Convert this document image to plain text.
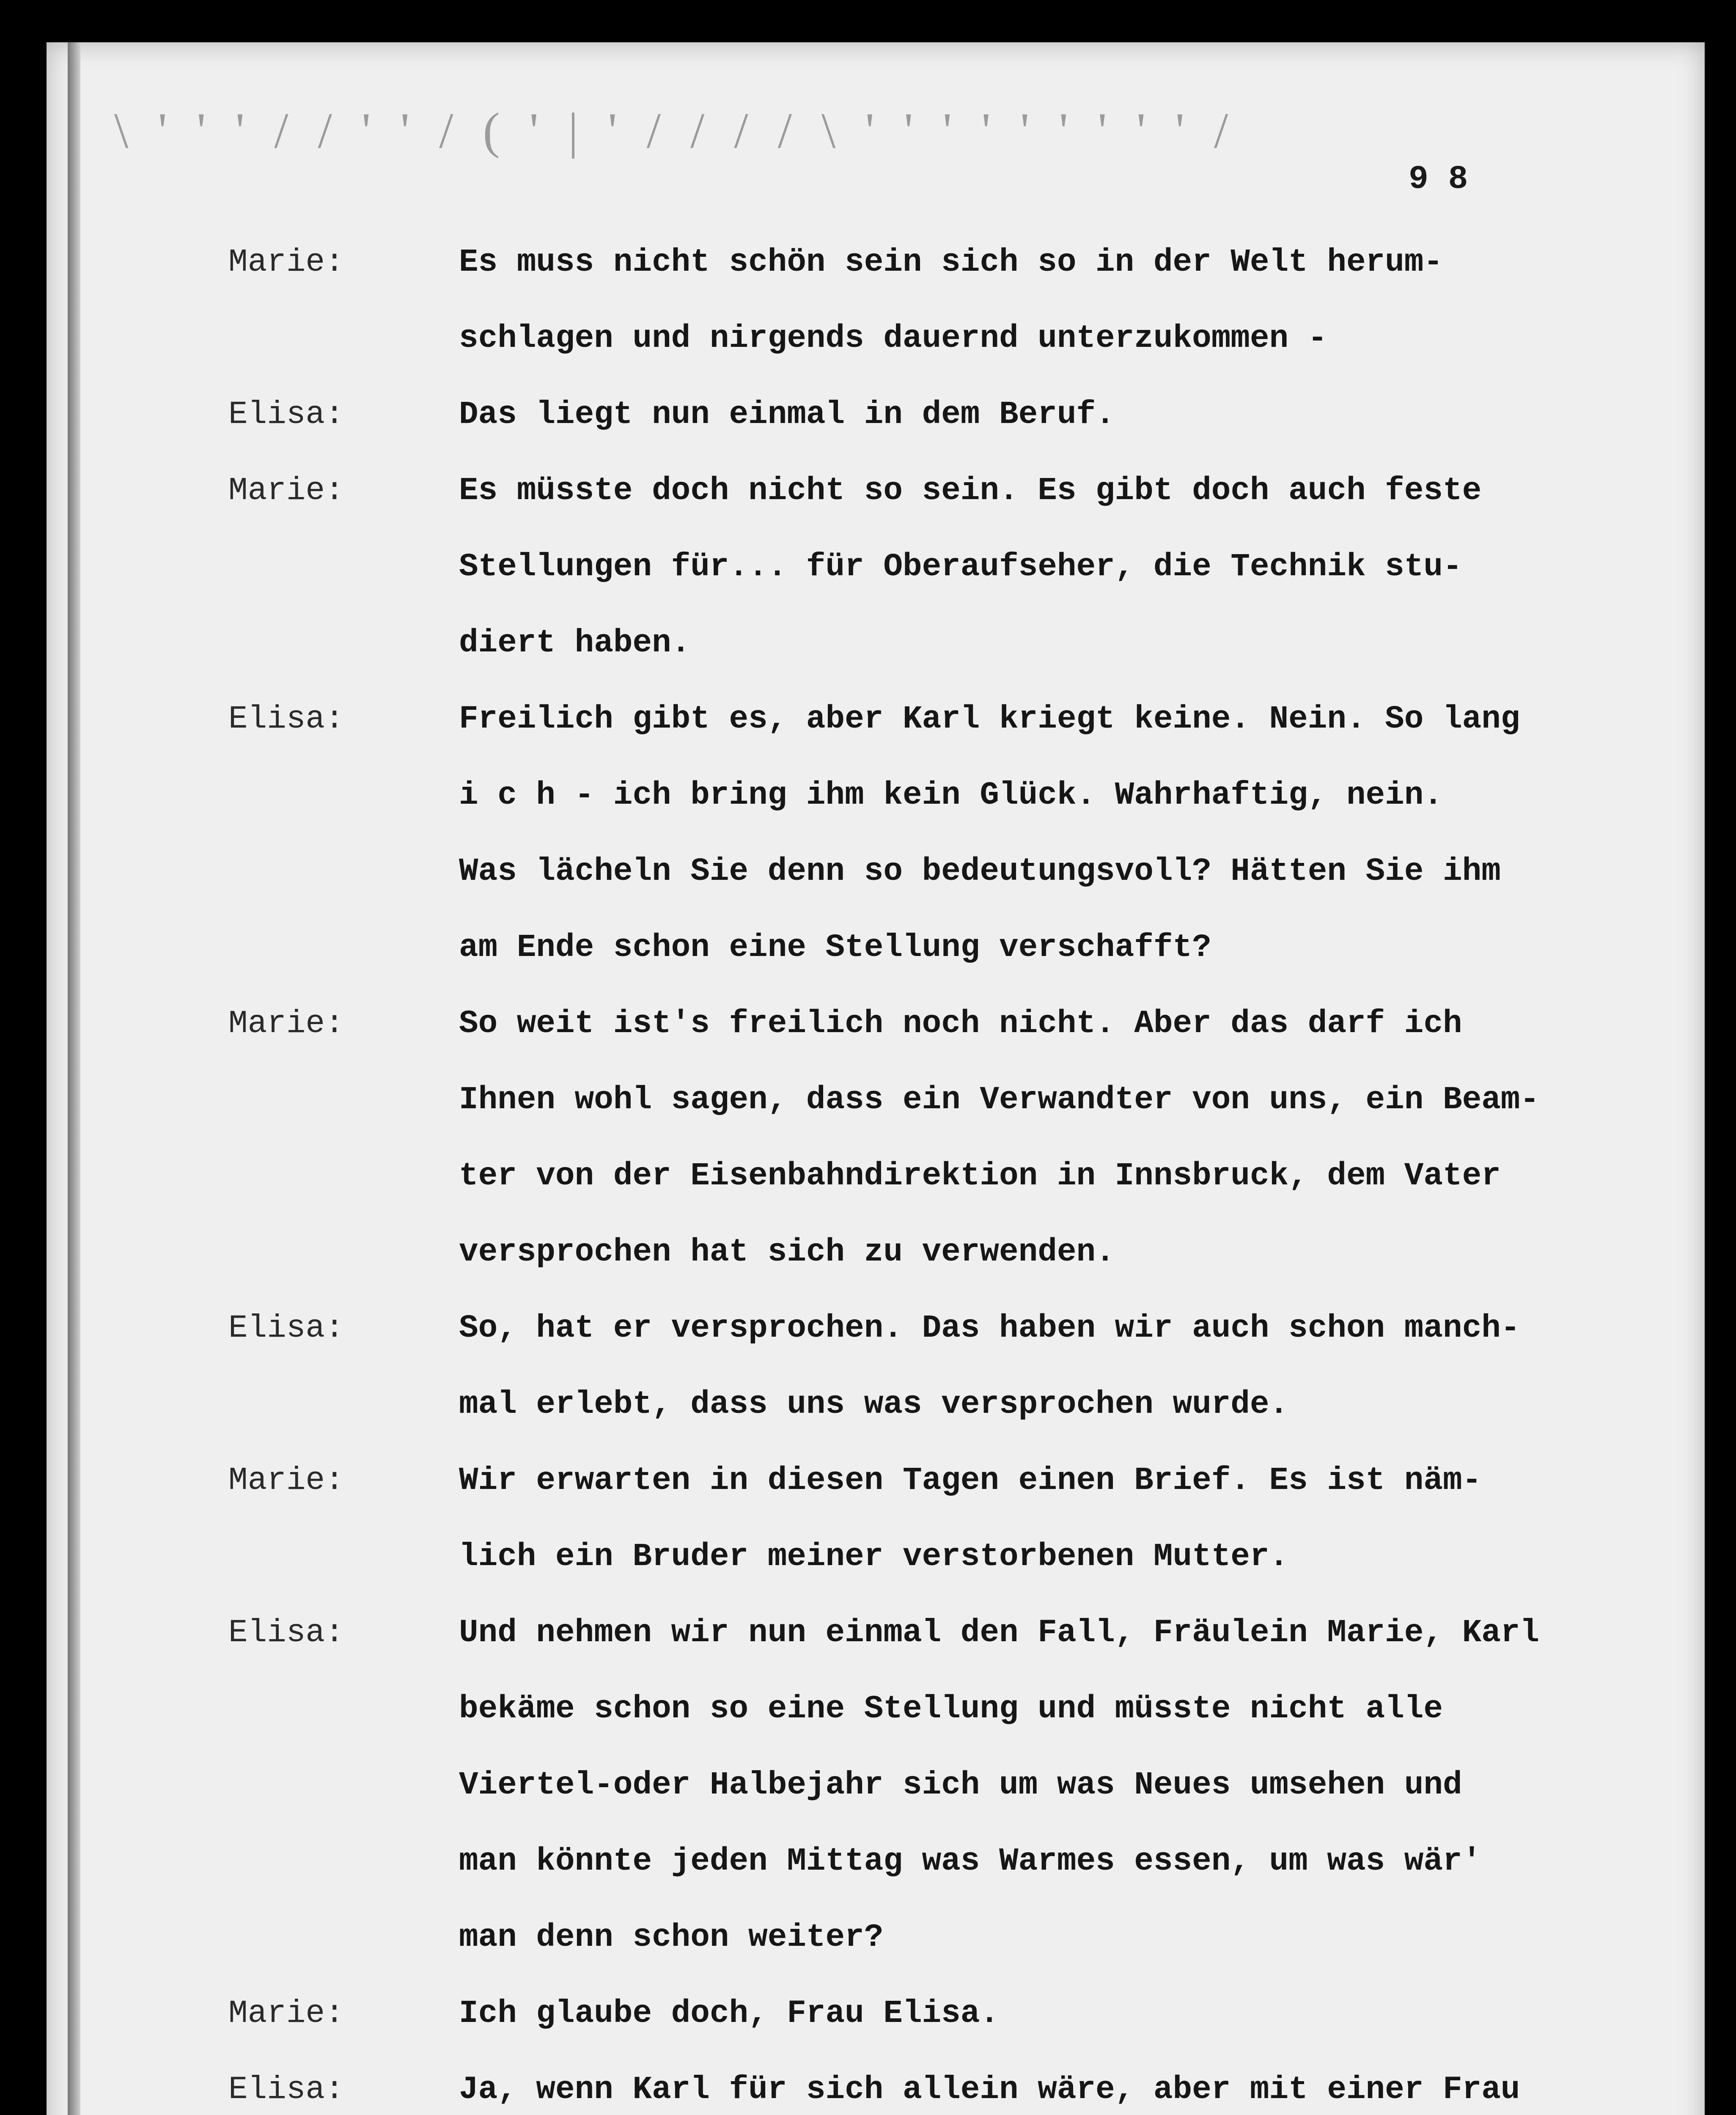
\ ' ' ' / / ' ' / ( ' | ' / / / / \ ' ' ' ' ' ' ' ' ' /
9 8
Marie:	Es muss nicht schön sein sich so in der Welt herum-
schlagen und nirgends dauernd unterzukommen -
Elisa:	Das liegt nun einmal in dem Beruf.
Marie:	Es müsste doch nicht so sein. Es gibt doch auch feste
Stellungen für... für Oberaufseher, die Technik stu-
diert haben.
Elisa:	Freilich gibt es, aber Karl kriegt keine. Nein. So lang
i c h - ich bring ihm kein Glück. Wahrhaftig, nein.
Was lächeln Sie denn so bedeutungsvoll? Hätten Sie ihm
am Ende schon eine Stellung verschafft?
Marie:	So weit ist's freilich noch nicht. Aber das darf ich
Ihnen wohl sagen, dass ein Verwandter von uns, ein Beam-
ter von der Eisenbahndirektion in Innsbruck, dem Vater
versprochen hat sich zu verwenden.
Elisa:	So, hat er versprochen. Das haben wir auch schon manch-
mal erlebt, dass uns was versprochen wurde.
Marie:	Wir erwarten in diesen Tagen einen Brief. Es ist näm-
lich ein Bruder meiner verstorbenen Mutter.
Elisa:	Und nehmen wir nun einmal den Fall, Fräulein Marie, Karl
bekäme schon so eine Stellung und müsste nicht alle
Viertel-oder Halbejahr sich um was Neues umsehen und
man könnte jeden Mittag was Warmes essen, um was wär'
man denn schon weiter?
Marie:	Ich glaube doch, Frau Elisa.
Elisa:	Ja, wenn Karl für sich allein wäre, aber mit einer Frau
